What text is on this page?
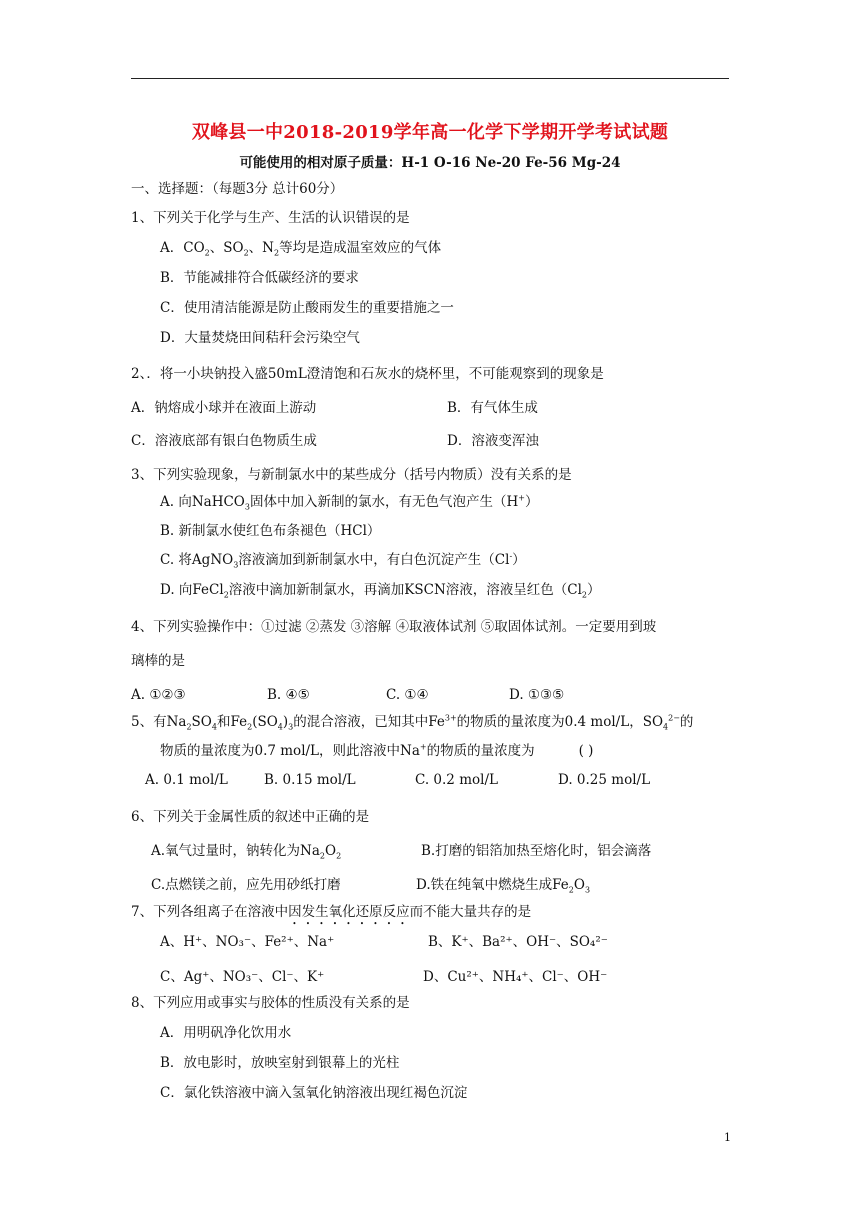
双峰县一中2018-2019学年高一化学下学期开学考试试题
可能使用的相对原子质量：H-1 O-16 Ne-20 Fe-56 Mg-24
一、选择题：（每题3分 总计60分）
1、下列关于化学与生产、生活的认识错误的是
A．$CO_2$、$SO_2$、$N_2$等均是造成温室效应的气体
B．节能减排符合低碳经济的要求
C．使用清洁能源是防止酸雨发生的重要措施之一
D．大量焚烧田间秸秆会污染空气
2、．将一小块钠投入盛50mL澄清饱和石灰水的烧杯里，不可能观察到的现象是
A．钠熔成小球并在液面上游动	B．有气体生成
C．溶液底部有银白色物质生成	D．溶液变浑浊
3、下列实验现象，与新制氯水中的某些成分（括号内物质）没有关系的是
A. 向NaHCO$_3$固体中加入新制的氯水，有无色气泡产生（H+）
B. 新制氯水使红色布条褪色（HCl）
C. 将AgNO$_3$溶液滴加到新制氯水中，有白色沉淀产生（Cl-）
D. 向FeCl$_2$溶液中滴加新制氯水，再滴加KSCN溶液，溶液呈红色$(Cl_2)$
4、下列实验操作中：①过滤 ②蒸发 ③溶解 ④取液体试剂 ⑤取固体试剂。一定要用到玻
璃棒的是
A. ①②③	B. ④⑤	C. ①④	D. ①③⑤
5、有$Na_2SO_4$和$Fe_2(SO_4)_3$的混合溶液，已知其中$Fe^{3+}$的物质的量浓度为0.4 mol/L，$SO_4^{2-}$的
物质的量浓度为0.7 mol/L，则此溶液中Na+的物质的量浓度为	( )
A. 0.1 mol/L	B. 0.15 mol/L	C. 0.2 mol/L	D. 0.25 mol/L
6、下列关于金属性质的叙述中正确的是
A.氧气过量时，钠转化为$Na_2O_2$	B.打磨的铝箔加热至熔化时，铝会滴落
C.点燃镁之前，应先用砂纸打磨	D.铁在纯氧中燃烧生成$Fe_2O_3$
7、下列各组离子在溶液中因发生氧化还原反应而不能大量共存的是
A、H⁺、NO₃⁻、Fe²⁺、Na⁺	B、K⁺、Ba²⁺、OH⁻、SO₄²⁻
C、Ag⁺、NO₃⁻、Cl⁻、K⁺	D、Cu²⁺、NH₄⁺、Cl⁻、OH⁻
8、下列应用或事实与胶体的性质没有关系的是
A．用明矾净化饮用水
B．放电影时，放映室射到银幕上的光柱
C．氯化铁溶液中滴入氢氧化钠溶液出现红褐色沉淀
1
